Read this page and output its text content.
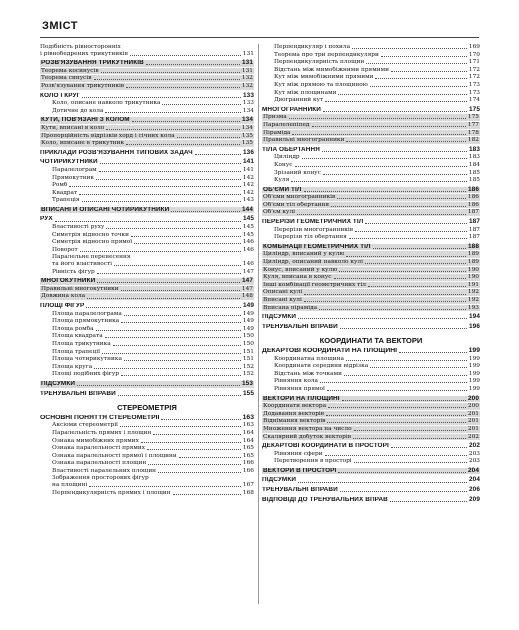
ЗМІСТ
Подібність рівносторонніх
і рівнобедрених трикутників	131
РОЗВ'ЯЗУВАННЯ ТРИКУТНИКІВ	131
Теорема косинусів	131
Теорема синусів	132
Розв'язування трикутників	132
КОЛО І КРУГ	133
Коло, описане навколо трикутника	133
Дотичне до кола	134
КУТИ, ПОВ'ЯЗАНІ З КОЛОМ	134
Кути, вписані в коло	134
Пропорційність відрізків хорд і січних кола	135
Коло, вписане в трикутник	135
ПРИКЛАДИ РОЗВ'ЯЗУВАННЯ ТИПОВИХ ЗАДАЧ	136
ЧОТИРИКУТНИКИ	141
Паралелограм	141
Прямокутник	142
Ромб	142
Квадрат	142
Трапеція	143
ВПИСАНІ Й ОПИСАНІ ЧОТИРИКУТНИКИ	144
РУХ	145
Властивості руху	145
Симетрія відносно точки	145
Симетрія відносно прямої	146
Поворот	146
Паралельне перенесення
та його властивості	146
Рівність фігур	147
МНОГОКУТНИКИ	147
Правильні многокутники	147
Довжина кола	148
ПЛОЩІ ФІГУР	149
Площа паралелограма	149
Площа прямокутника	149
Площа ромба	149
Площа квадрата	150
Площа трикутника	150
Площа трапеції	151
Площа чотирикутника	151
Площа круга	152
Площі подібних фігур	152
ПІДСУМКИ	153
ТРЕНУВАЛЬНІ ВПРАВИ	155
СТЕРЕОМЕТРІЯ
ОСНОВНІ ПОНЯТТЯ СТЕРЕОМЕТРІЇ	163
Аксіоми стереометрії	163
Паралельність прямих і площин	164
Ознака мимобіжних прямих	164
Ознака паралельності прямих	165
Ознака паралельності прямої і площини	165
Ознака паралельності площин	166
Властивості паралельних площин	166
Зображення просторових фігур
на площині	167
Перпендикулярність прямих і площин	168
Перпендикуляр і похила	169
Теорема про три перпендикуляри	170
Перпендикулярність площин	171
Відстань між мимобіжними прямими	172
Кут між мимобіжними прямими	172
Кут між прямою та площиною	173
Кут між площинами	173
Двогранний кут	174
МНОГОГРАННИКИ	175
Призма	175
Паралелепіпед	177
Піраміда	178
Правильні многогранники	182
ТІЛА ОБЕРТАННЯ	183
Циліндр	183
Конус	184
Зрізаний конус	185
Куля	185
ОБ'ЄМИ ТІЛ	186
Об'єми многогранників	186
Об'єми тіл обертання	186
Об'єм кулі	187
ПЕРЕРІЗИ ГЕОМЕТРИЧНИХ ТІЛ	187
Перерізи многогранників	187
Перерізи тіл обертання	187
КОМБІНАЦІЇ ГЕОМЕТРИЧНИХ ТІЛ	188
Циліндр, вписаний у кулю	189
Циліндр, описаний навколо кулі	189
Конус, вписаний у кулю	190
Куля, вписана в конус	190
Інші комбінації геометричних тіл	191
Описані кулі	192
Вписані кулі	192
Вписана піраміда	193
ПІДСУМКИ	194
ТРЕНУВАЛЬНІ ВПРАВИ	196
КООРДИНАТИ ТА ВЕКТОРИ
ДЕКАРТОВІ КООРДИНАТИ НА ПЛОЩИНІ	199
Координатна площина	199
Координати середини відрізка	199
Відстань між точками	199
Рівняння кола	199
Рівняння прямої	199
ВЕКТОРИ НА ПЛОЩИНІ	200
Координати вектора	200
Додавання векторів	201
Віднімання векторів	201
Множення вектора на число	201
Скалярний добуток векторів	202
ДЕКАРТОВІ КООРДИНАТИ В ПРОСТОРІ	202
Рівняння сфери	203
Перетворення в просторі	203
ВЕКТОРИ В ПРОСТОРІ	204
ПІДСУМКИ	204
ТРЕНУВАЛЬНІ ВПРАВИ	206
ВІДПОВІДІ ДО ТРЕНУВАЛЬНИХ ВПРАВ	209
